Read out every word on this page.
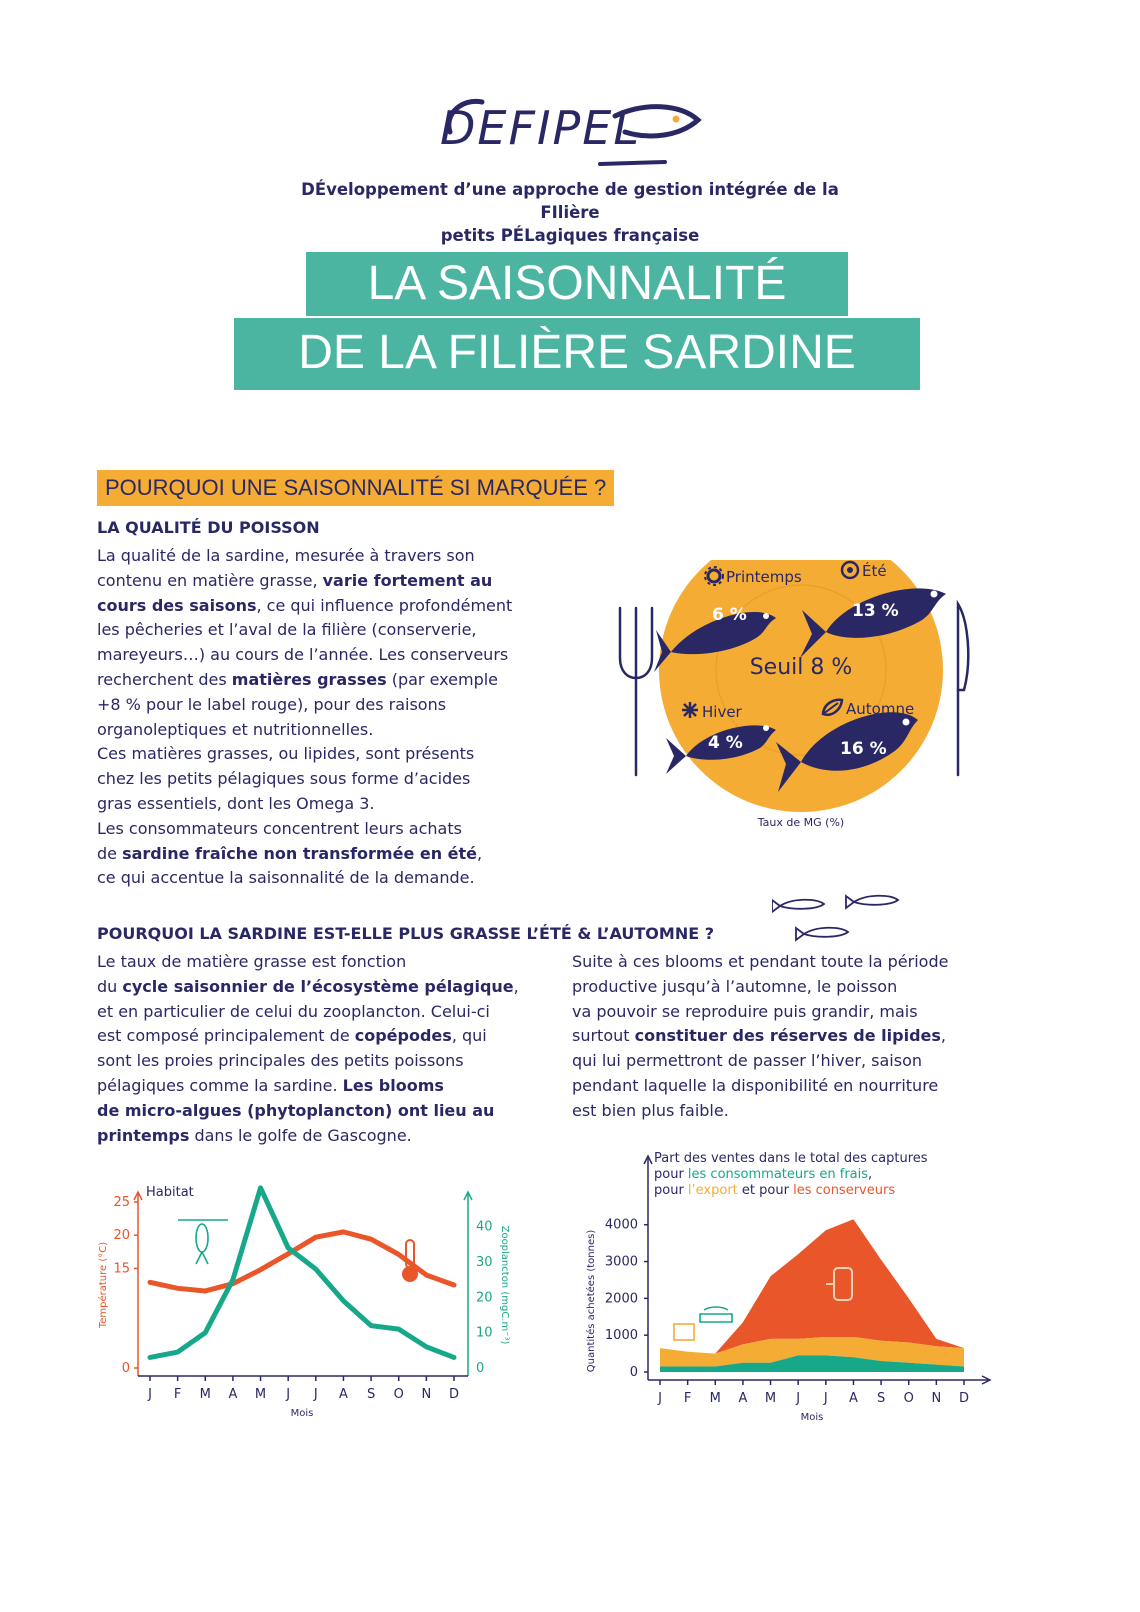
DEFIPEL
DÉveloppement d’une approche de gestion intégrée de la FIlière
petits PÉLagiques française
LA SAISONNALITÉ
DE LA FILIÈRE SARDINE
POURQUOI UNE SAISONNALITÉ SI MARQUÉE ?
LA QUALITÉ DU POISSON
La qualité de la sardine, mesurée à travers son
contenu en matière grasse, varie fortement au
cours des saisons, ce qui influence profondément
les pêcheries et l’aval de la filière (conserverie,
mareyeurs…) au cours de l’année. Les conserveurs
recherchent des matières grasses (par exemple
+8 % pour le label rouge), pour des raisons
organoleptiques et nutritionnelles.
Ces matières grasses, ou lipides, sont présents
chez les petits pélagiques sous forme d’acides
gras essentiels, dont les Omega 3.
Les consommateurs concentrent leurs achats
de sardine fraîche non transformée en été,
ce qui accentue la saisonnalité de la demande.
6 %	13 %
4 %	16 %
Seuil 8 %
Printemps	Été
Hiver	Automne
Taux de MG (%)
POURQUOI LA SARDINE EST-ELLE PLUS GRASSE L’ÉTÉ & L’AUTOMNE ?
Le taux de matière grasse est fonction
du cycle saisonnier de l’écosystème pélagique,
et en particulier de celui du zooplancton. Celui-ci
est composé principalement de copépodes, qui
sont les proies principales des petits poissons
pélagiques comme la sardine. Les blooms
de micro-algues (phytoplancton) ont lieu au
printemps dans le golfe de Gascogne.
Suite à ces blooms et pendant toute la période
productive jusqu’à l’automne, le poisson
va pouvoir se reproduire puis grandir, mais
surtout constituer des réserves de lipides,
qui lui permettront de passer l’hiver, saison
pendant laquelle la disponibilité en nourriture
est bien plus faible.
Habitat
0
15
20
25
0
10
20
30
40
J F M A M J J A S O N D
Mois
Température (°C)	Zooplancton (mgC.m⁻³)
Part des ventes dans le total des captures
pour les consommateurs en frais,
pour l’export et pour les conserveurs
0
1000
2000
3000
4000
J F M A M J J A S O N D
Mois
Quantités achetées (tonnes)
